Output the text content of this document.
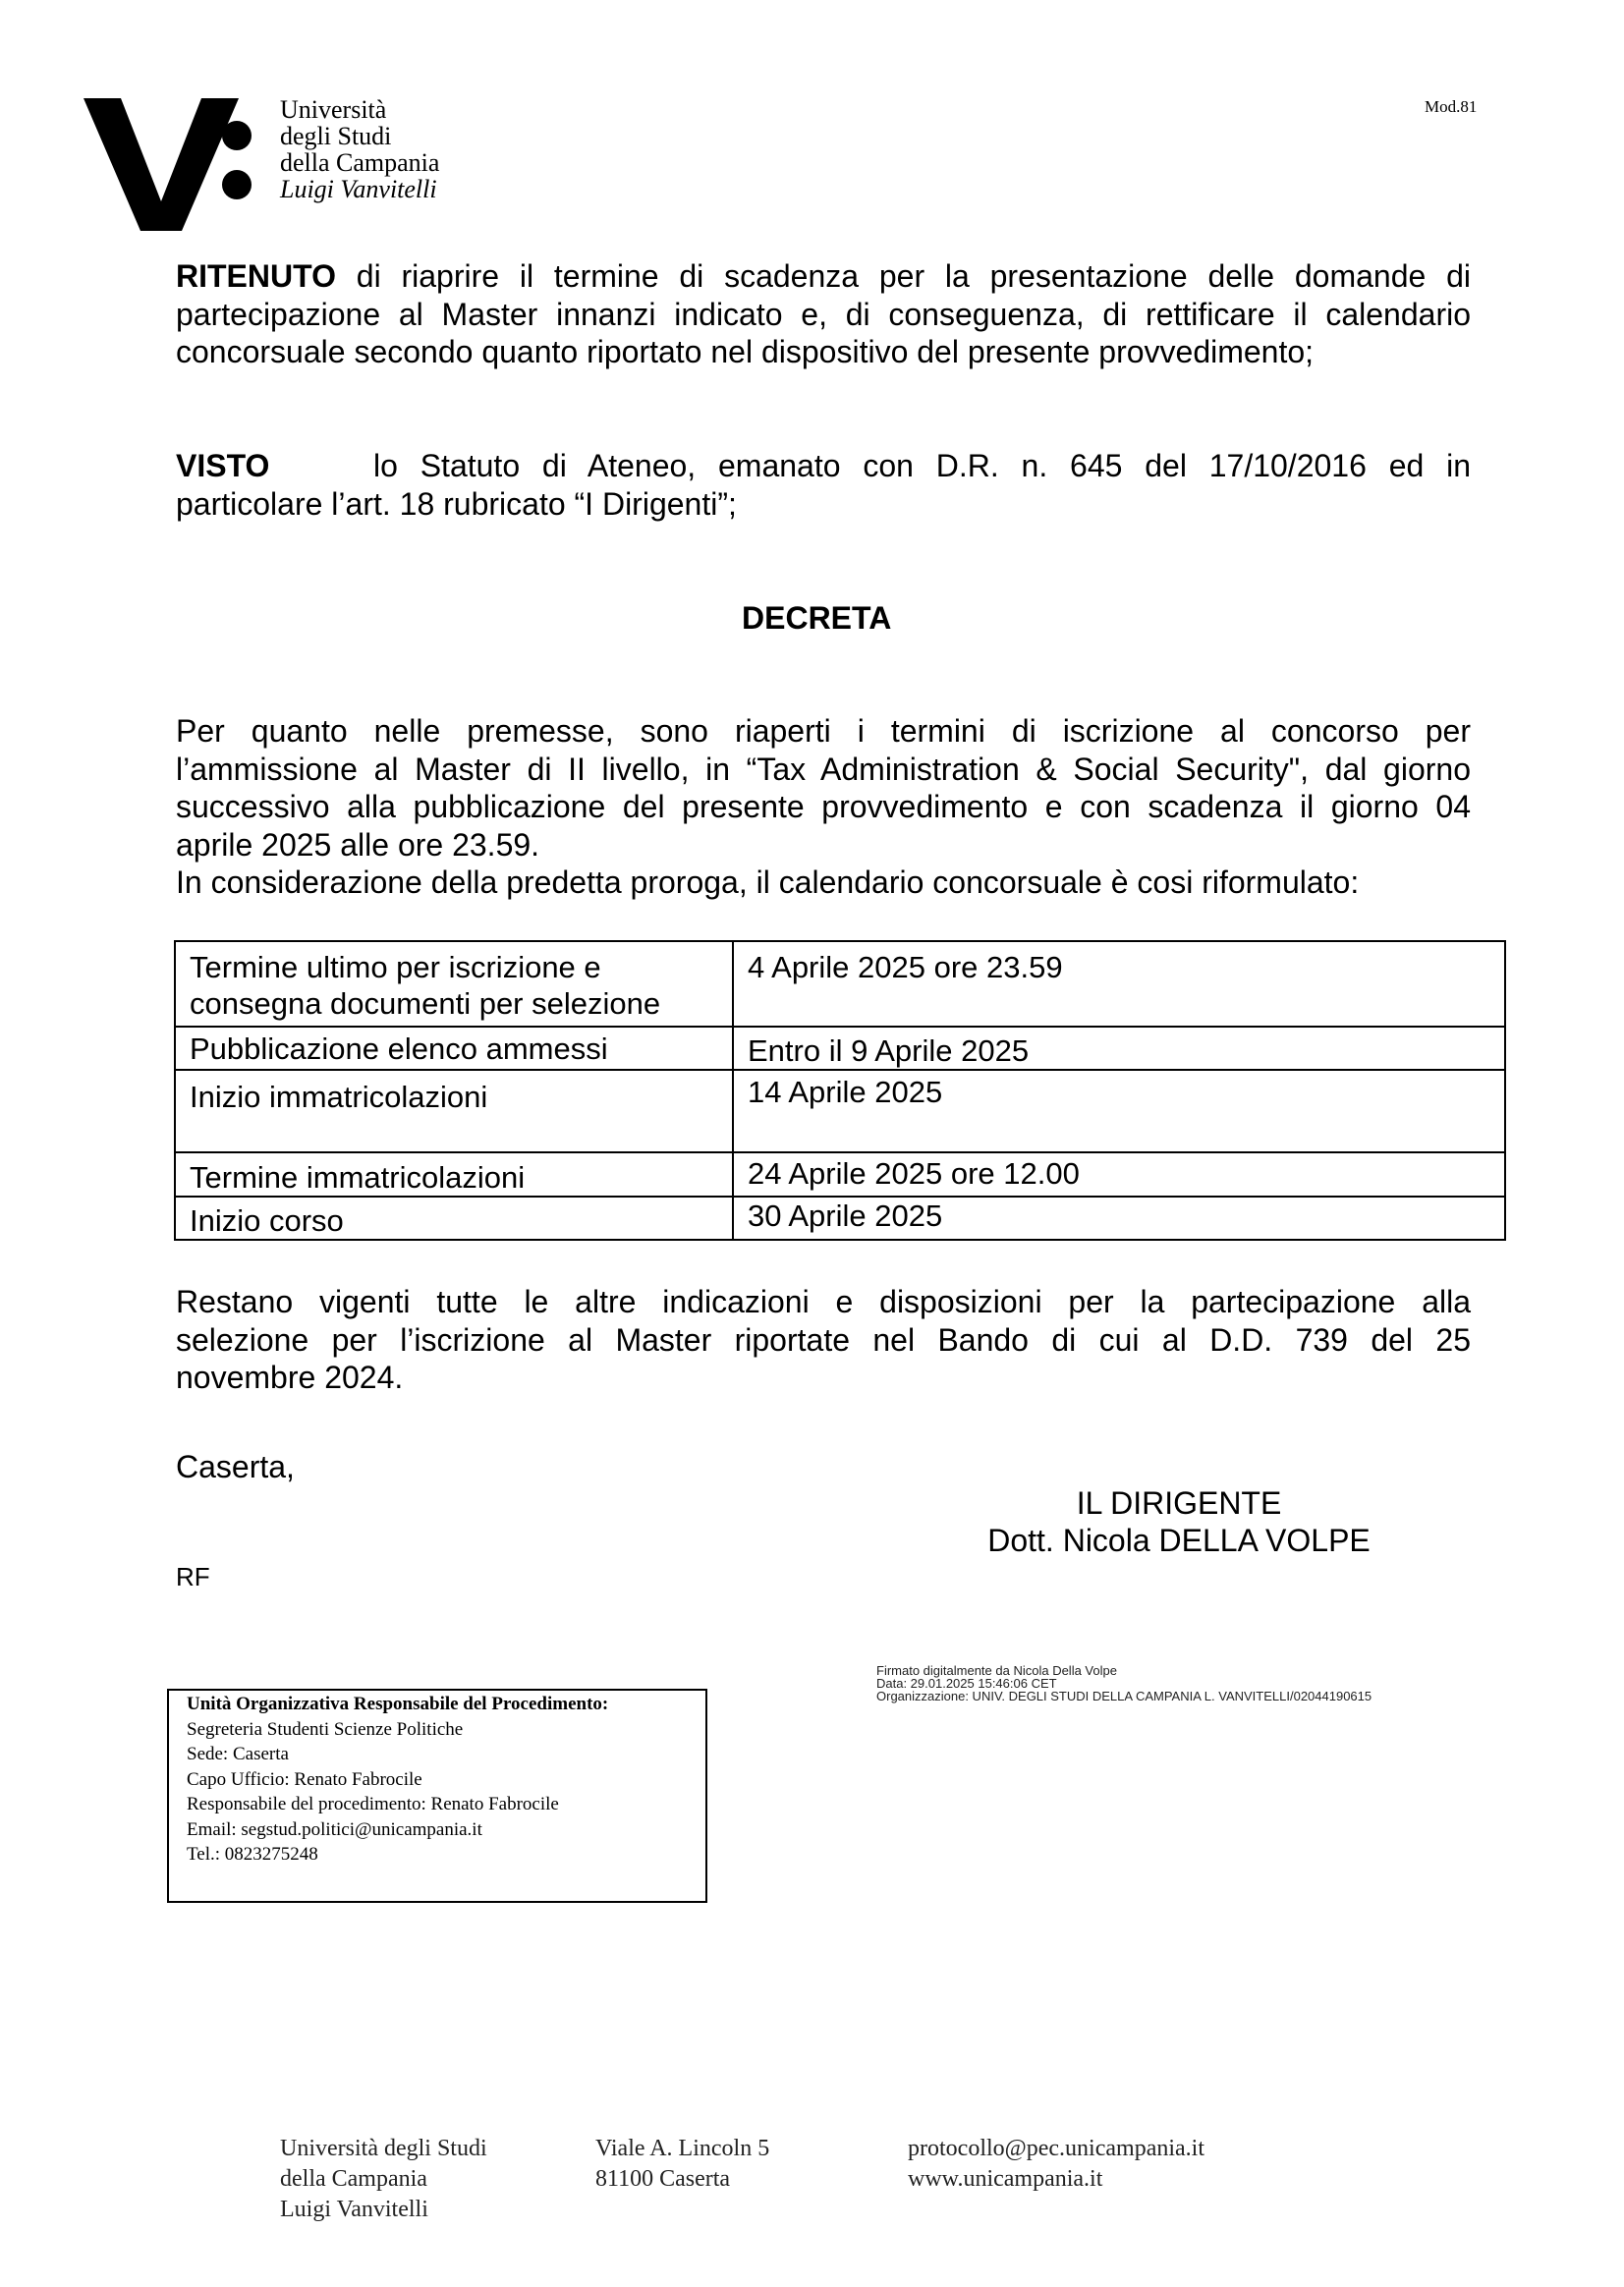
Università
degli Studi
della Campania
Luigi Vanvitelli
Mod.81
RITENUTO di riaprire il termine di scadenza per la presentazione delle domande di
partecipazione al Master innanzi indicato e, di conseguenza, di rettificare il calendario
concorsuale secondo quanto riportato nel dispositivo del presente provvedimento;
VISTO	lo Statuto di Ateneo, emanato con D.R. n. 645 del 17/10/2016 ed in
particolare l’art. 18 rubricato “I Dirigenti”;
DECRETA
Per quanto nelle premesse, sono riaperti i termini di iscrizione al concorso per
l’ammissione al Master di II livello, in “Tax Administration & Social Security", dal giorno
successivo alla pubblicazione del presente provvedimento e con scadenza il giorno 04
aprile 2025 alle ore 23.59.
In considerazione della predetta proroga, il calendario concorsuale è cosi riformulato:
Termine ultimo per iscrizione e consegna documenti per selezione	4 Aprile 2025 ore 23.59
Pubblicazione elenco ammessi	Entro il 9 Aprile 2025
Inizio immatricolazioni	14 Aprile 2025
Termine immatricolazioni	24 Aprile 2025 ore 12.00
Inizio corso	30 Aprile 2025
Restano vigenti tutte le altre indicazioni e disposizioni per la partecipazione alla
selezione per l’iscrizione al Master riportate nel Bando di cui al D.D. 739 del 25
novembre 2024.
Caserta,
IL DIRIGENTE
Dott. Nicola DELLA VOLPE
RF
Firmato digitalmente da Nicola Della Volpe
Data: 29.01.2025 15:46:06 CET
Organizzazione: UNIV. DEGLI STUDI DELLA CAMPANIA L. VANVITELLI/02044190615
Unità Organizzativa Responsabile del Procedimento:
Segreteria Studenti Scienze Politiche
Sede: Caserta
Capo Ufficio: Renato Fabrocile
Responsabile del procedimento: Renato Fabrocile
Email: segstud.politici@unicampania.it
Tel.: 0823275248
Università degli Studi
della Campania
Luigi Vanvitelli
Viale A. Lincoln 5
81100 Caserta
protocollo@pec.unicampania.it
www.unicampania.it
